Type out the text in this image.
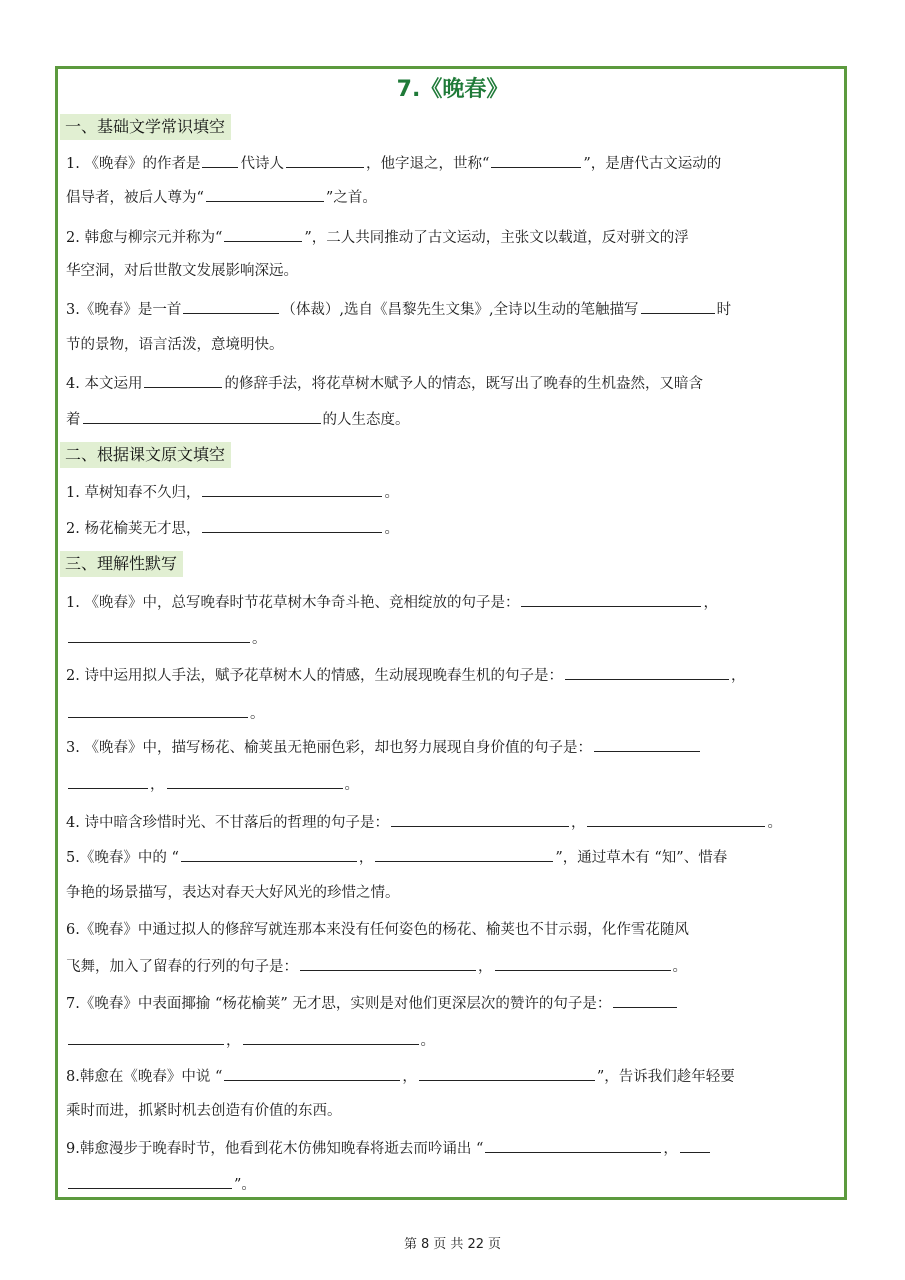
7.《晚春》
一、基础文学常识填空
1. 《晚春》的作者是	代诗人	，他字退之，世称“	”，是唐代古文运动的
倡导者，被后人尊为“	”之首。
2. 韩愈与柳宗元并称为“	”，二人共同推动了古文运动，主张文以载道，反对骈文的浮
华空洞，对后世散文发展影响深远。
3.《晚春》是一首	（体裁）,选自《昌黎先生文集》,全诗以生动的笔触描写	时
节的景物，语言活泼，意境明快。
4. 本文运用	的修辞手法，将花草树木赋予人的情态，既写出了晚春的生机盎然，又暗含
着	的人生态度。
二、根据课文原文填空
1. 草树知春不久归，	。
2. 杨花榆荚无才思，	。
三、理解性默写
1. 《晚春》中，总写晚春时节花草树木争奇斗艳、竞相绽放的句子是：	，
。
2. 诗中运用拟人手法，赋予花草树木人的情感，生动展现晚春生机的句子是：	，
。
3. 《晚春》中，描写杨花、榆荚虽无艳丽色彩，却也努力展现自身价值的句子是：
，	。
4. 诗中暗含珍惜时光、不甘落后的哲理的句子是：	，	。
5.《晚春》中的 “	，	”，通过草木有 “知”、惜春
争艳的场景描写，表达对春天大好风光的珍惜之情。
6.《晚春》中通过拟人的修辞写就连那本来没有任何姿色的杨花、榆荚也不甘示弱，化作雪花随风
飞舞，加入了留春的行列的句子是：	，	。
7.《晚春》中表面揶揄 “杨花榆荚” 无才思，实则是对他们更深层次的赞许的句子是：
，	。
8.韩愈在《晚春》中说 “	，	”，告诉我们趁年轻要
乘时而进，抓紧时机去创造有价值的东西。
9.韩愈漫步于晚春时节，他看到花木仿佛知晚春将逝去而吟诵出 “	，
”。
第 8 页 共 22 页
